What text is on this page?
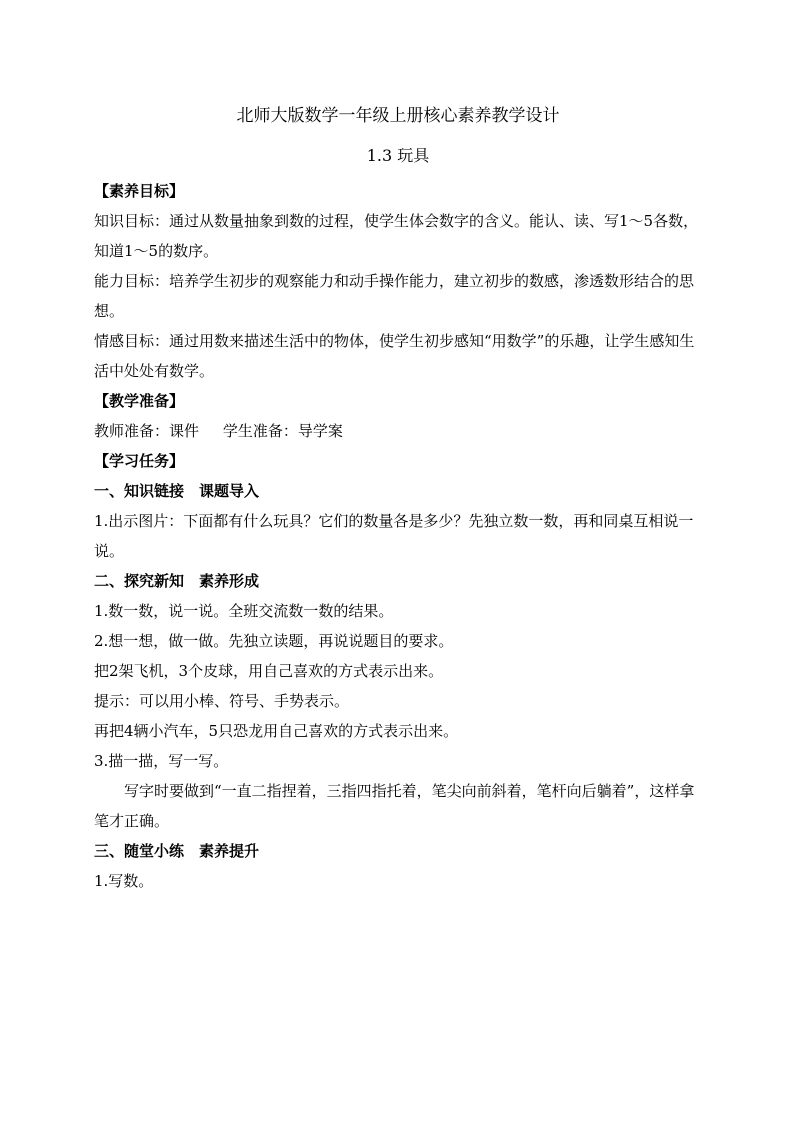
北师大版数学一年级上册核心素养教学设计
1.3 玩具

【素养目标】

知识目标：通过从数量抽象到数的过程，使学生体会数字的含义。能认、读、写1～5各数，知道1～5的数序。

能力目标：培养学生初步的观察能力和动手操作能力，建立初步的数感，渗透数形结合的思想。

情感目标：通过用数来描述生活中的物体，使学生初步感知“用数学”的乐趣，让学生感知生活中处处有数学。

【教学准备】

教师准备：课件     学生准备：导学案

【学习任务】

一、知识链接　课题导入

1.出示图片：下面都有什么玩具？它们的数量各是多少？先独立数一数，再和同桌互相说一说。

二、探究新知　素养形成

1.数一数，说一说。全班交流数一数的结果。

2.想一想，做一做。先独立读题，再说说题目的要求。

把2架飞机，3个皮球，用自己喜欢的方式表示出来。

提示：可以用小棒、符号、手势表示。

再把4辆小汽车，5只恐龙用自己喜欢的方式表示出来。

3.描一描，写一写。

写字时要做到“一直二指捏着，三指四指托着，笔尖向前斜着，笔杆向后躺着”，这样拿笔才正确。

三、随堂小练　素养提升

1.写数。
